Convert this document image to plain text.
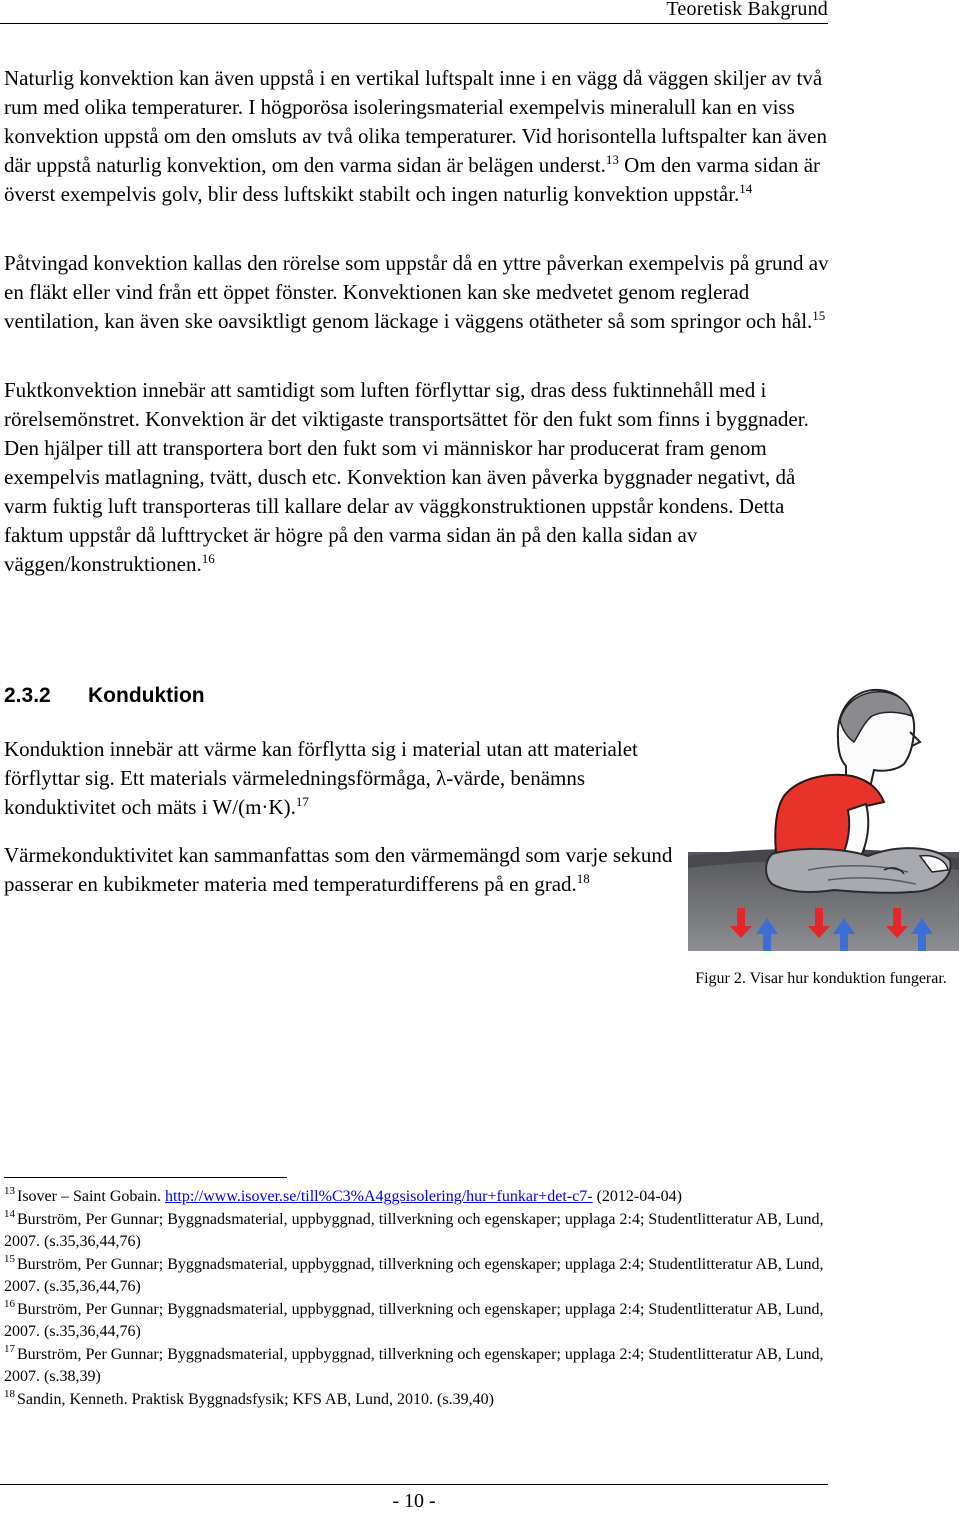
Teoretisk Bakgrund

Naturlig konvektion kan även uppstå i en vertikal luftspalt inne i en vägg då väggen skiljer av två rum med olika temperaturer. I högporösa isoleringsmaterial exempelvis mineralull kan en viss konvektion uppstå om den omsluts av två olika temperaturer. Vid horisontella luftspalter kan även där uppstå naturlig konvektion, om den varma sidan är belägen underst.$^{13}$ Om den varma sidan är överst exempelvis golv, blir dess luftskikt stabilt och ingen naturlig konvektion uppstår.$^{14}$

Påtvingad konvektion kallas den rörelse som uppstår då en yttre påverkan exempelvis på grund av en fläkt eller vind från ett öppet fönster. Konvektionen kan ske medvetet genom reglerad ventilation, kan även ske oavsiktligt genom läckage i väggens otätheter så som springor och hål.$^{15}$

Fuktkonvektion innebär att samtidigt som luften förflyttar sig, dras dess fuktinnehåll med i rörelsemönstret. Konvektion är det viktigaste transportsättet för den fukt som finns i byggnader. Den hjälper till att transportera bort den fukt som vi människor har producerat fram genom exempelvis matlagning, tvätt, dusch etc. Konvektion kan även påverka byggnader negativt, då varm fuktig luft transporteras till kallare delar av väggkonstruktionen uppstår kondens. Detta faktum uppstår då lufttrycket är högre på den varma sidan än på den kalla sidan av väggen/konstruktionen.$^{16}$

2.3.2 Konduktion

Konduktion innebär att värme kan förflytta sig i material utan att materialet förflyttar sig. Ett materials värmeledningsförmåga, λ-värde, benämns konduktivitet och mäts i W/(m·K).$^{17}$

Värmekonduktivitet kan sammanfattas som den värmemängd som varje sekund passerar en kubikmeter materia med temperaturdifferens på en grad.$^{18}$

Figur 2. Visar hur konduktion fungerar.

$^{13}$ Isover – Saint Gobain. http://www.isover.se/till%C3%A4ggsisolering/hur+funkar+det-c7- (2012-04-04)

$^{14}$ Burström, Per Gunnar; Byggnadsmaterial, uppbyggnad, tillverkning och egenskaper; upplaga 2:4; Studentlitteratur AB, Lund, 2007. (s.35,36,44,76)

$^{15}$ Burström, Per Gunnar; Byggnadsmaterial, uppbyggnad, tillverkning och egenskaper; upplaga 2:4; Studentlitteratur AB, Lund, 2007. (s.35,36,44,76)

$^{16}$ Burström, Per Gunnar; Byggnadsmaterial, uppbyggnad, tillverkning och egenskaper; upplaga 2:4; Studentlitteratur AB, Lund, 2007. (s.35,36,44,76)

$^{17}$ Burström, Per Gunnar; Byggnadsmaterial, uppbyggnad, tillverkning och egenskaper; upplaga 2:4; Studentlitteratur AB, Lund, 2007. (s.38,39)

$^{18}$ Sandin, Kenneth. Praktisk Byggnadsfysik; KFS AB, Lund, 2010. (s.39,40)

- 10 -
